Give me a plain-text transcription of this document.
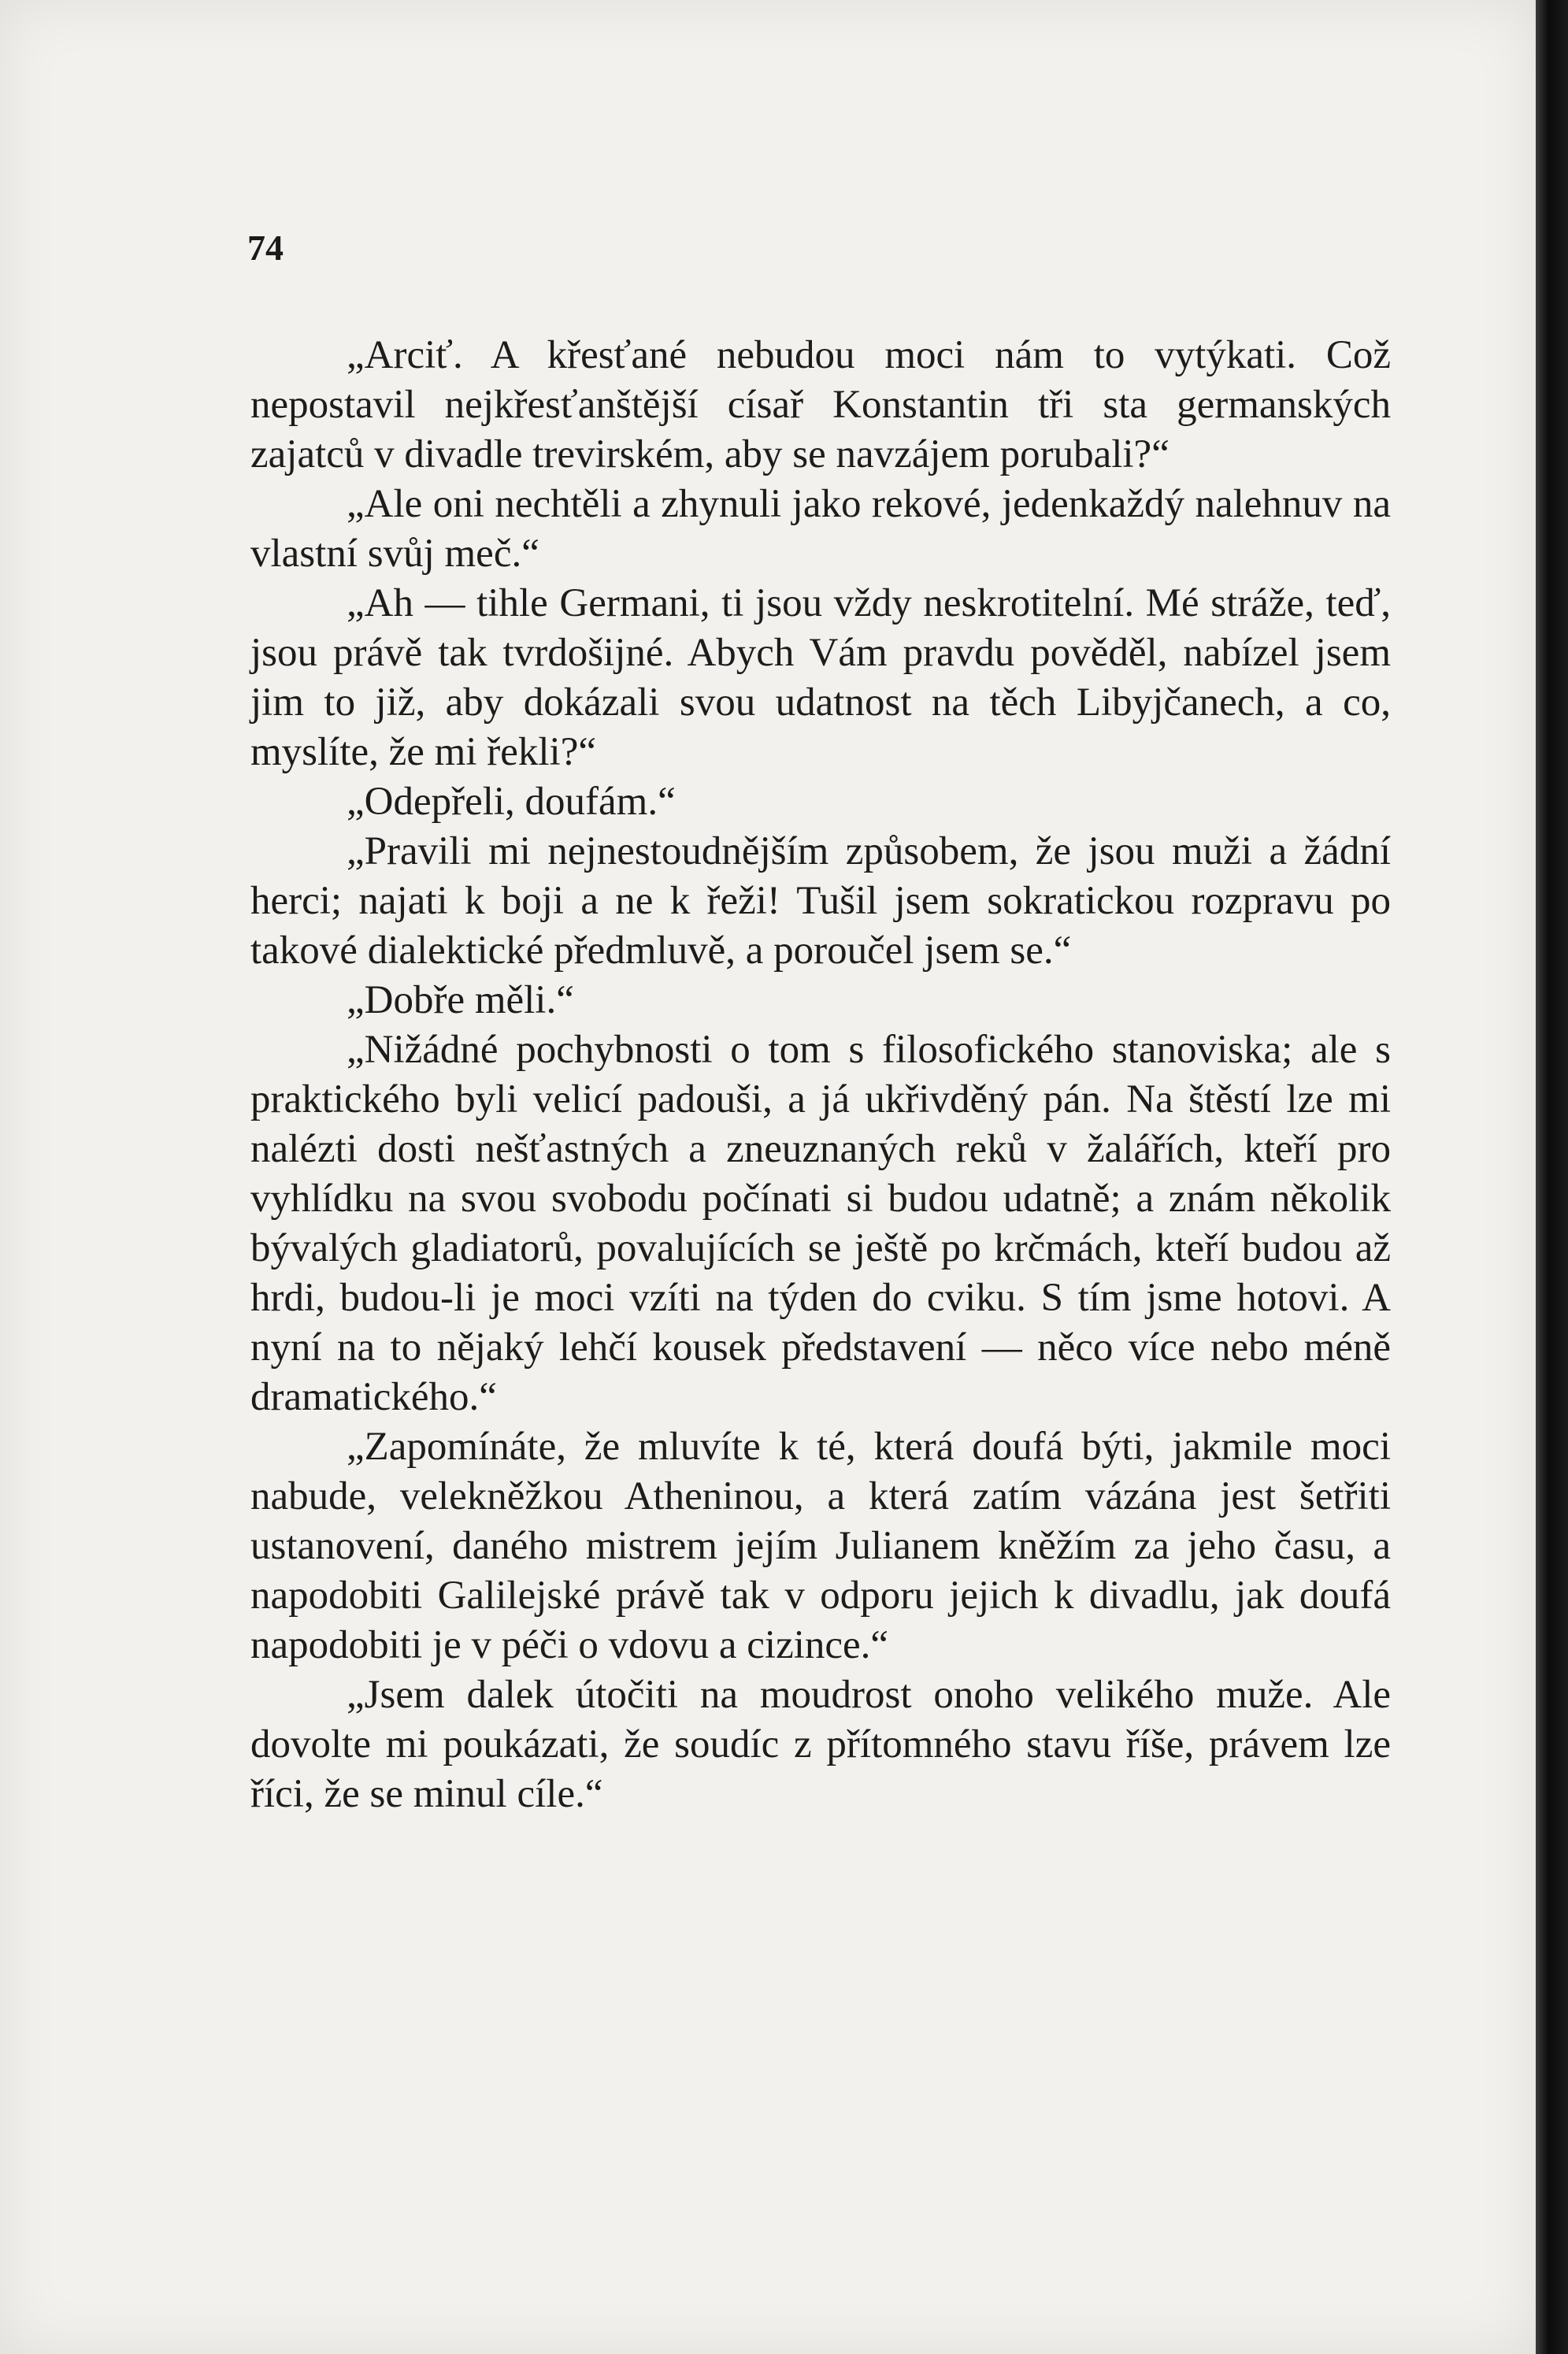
74

„Arciť. A křesťané nebudou moci nám to vytýkati. Což nepostavil nejkřesťanštější císař Konstantin tři sta germanských zajatců v divadle trevirském, aby se navzájem porubali?“

„Ale oni nechtěli a zhynuli jako rekové, jedenkaždý nalehnuv na vlastní svůj meč.“

„Ah — tihle Germani, ti jsou vždy neskrotitelní. Mé stráže, teď, jsou právě tak tvrdošijné. Abych Vám pravdu pověděl, nabízel jsem jim to již, aby dokázali svou udatnost na těch Libyjčanech, a co, myslíte, že mi řekli?“

„Odepřeli, doufám.“

„Pravili mi nejnestoudnějším způsobem, že jsou muži a žádní herci; najati k boji a ne k řeži! Tušil jsem sokratickou rozpravu po takové dialektické předmluvě, a poroučel jsem se.“

„Dobře měli.“

„Nižádné pochybnosti o tom s filosofického stanoviska; ale s praktického byli velicí padouši, a já ukřivděný pán. Na štěstí lze mi nalézti dosti nešťastných a zneuznaných reků v žalářích, kteří pro vyhlídku na svou svobodu počínati si budou udatně; a znám několik bývalých gladiatorů, povalujících se ještě po krčmách, kteří budou až hrdi, budou-li je moci vzíti na týden do cviku. S tím jsme hotovi. A nyní na to nějaký lehčí kousek představení — něco více nebo méně dramatického.“

„Zapomínáte, že mluvíte k té, která doufá býti, jakmile moci nabude, velekněžkou Atheninou, a která zatím vázána jest šetřiti ustanovení, daného mistrem jejím Julianem kněžím za jeho času, a napodobiti Galilejské právě tak v odporu jejich k divadlu, jak doufá napodobiti je v péči o vdovu a cizince.“

„Jsem dalek útočiti na moudrost onoho velikého muže. Ale dovolte mi poukázati, že soudíc z přítomného stavu říše, právem lze říci, že se minul cíle.“
